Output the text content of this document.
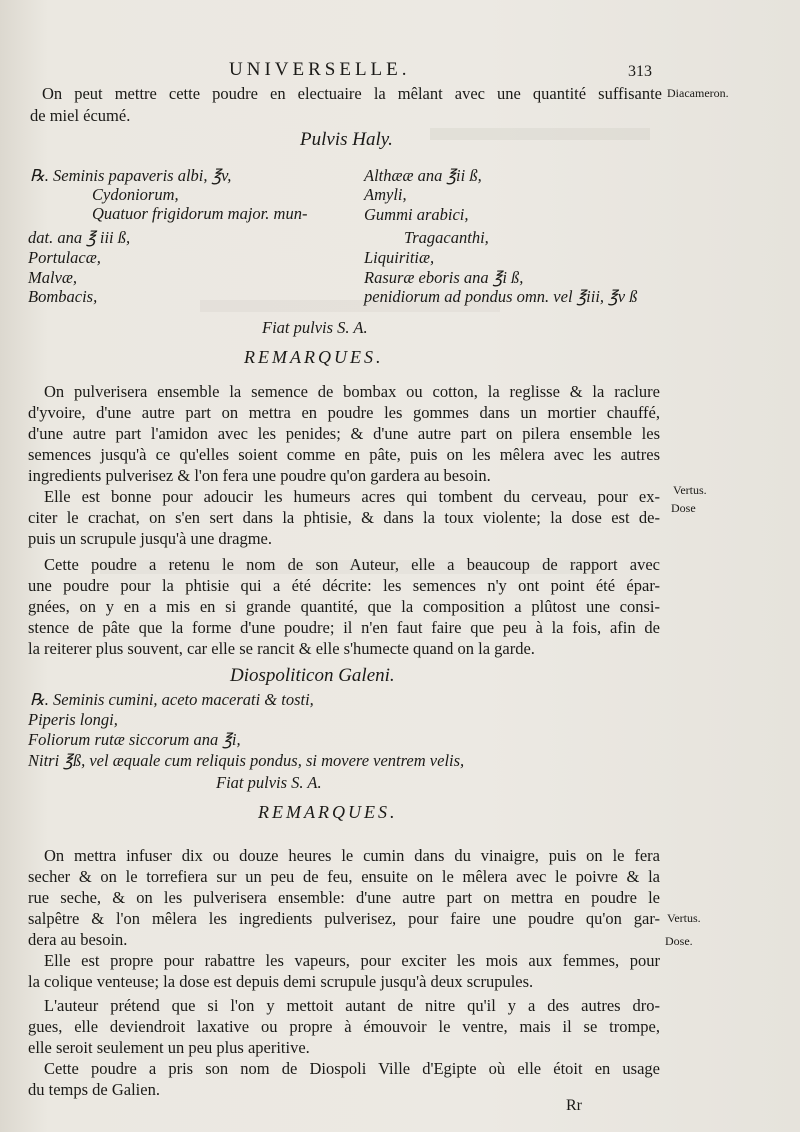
UNIVERSELLE.	313
Diacameron.
On peut mettre cette poudre en electuaire la mêlant avec une quantité suffisante
de miel écumé.
Pulvis Haly.
℞. Seminis papaveris albi, ℥v,
Cydoniorum,
Quatuor frigidorum major. mun-
dat. ana ℥ iii ß,
Portulacæ,
Malvæ,
Bombacis,
Althææ ana ℥ii ß,
Amyli,
Gummi arabici,
Tragacanthi,
Liquiritiæ,
Rasuræ eboris ana ℥i ß,
penidiorum ad pondus omn. vel ℥iii, ℥v ß
Fiat pulvis S. A.
REMARQUES.
On pulverisera ensemble la semence de bombax ou cotton, la reglisse & la raclure
d'yvoire, d'une autre part on mettra en poudre les gommes dans un mortier chauffé,
d'une autre part l'amidon avec les penides; & d'une autre part on pilera ensemble les
semences jusqu'à ce qu'elles soient comme en pâte, puis on les mêlera avec les autres
ingredients pulverisez & l'on fera une poudre qu'on gardera au besoin.
Elle est bonne pour adoucir les humeurs acres qui tombent du cerveau, pour ex-
citer le crachat, on s'en sert dans la phtisie, & dans la toux violente; la dose est de-
puis un scrupule jusqu'à une dragme.
Vertus.
Dose
Cette poudre a retenu le nom de son Auteur, elle a beaucoup de rapport avec
une poudre pour la phtisie qui a été décrite: les semences n'y ont point été épar-
gnées, on y en a mis en si grande quantité, que la composition a plûtost une consi-
stence de pâte que la forme d'une poudre; il n'en faut faire que peu à la fois, afin de
la reiterer plus souvent, car elle se rancit & elle s'humecte quand on la garde.
Diospoliticon Galeni.
℞. Seminis cumini, aceto macerati & tosti,
Piperis longi,
Foliorum rutæ siccorum ana ℥i,
Nitri ℥ß, vel æquale cum reliquis pondus, si movere ventrem velis,
Fiat pulvis S. A.
REMARQUES.
On mettra infuser dix ou douze heures le cumin dans du vinaigre, puis on le fera
secher & on le torrefiera sur un peu de feu, ensuite on le mêlera avec le poivre & la
rue seche, & on les pulverisera ensemble: d'une autre part on mettra en poudre le
salpêtre & l'on mêlera les ingredients pulverisez, pour faire une poudre qu'on gar-
dera au besoin.
Vertus.
Dose.
Elle est propre pour rabattre les vapeurs, pour exciter les mois aux femmes, pour
la colique venteuse; la dose est depuis demi scrupule jusqu'à deux scrupules.
L'auteur prétend que si l'on y mettoit autant de nitre qu'il y a des autres dro-
gues, elle deviendroit laxative ou propre à émouvoir le ventre, mais il se trompe,
elle seroit seulement un peu plus aperitive.
Cette poudre a pris son nom de Diospoli Ville d'Egipte où elle étoit en usage
du temps de Galien.
Rr
